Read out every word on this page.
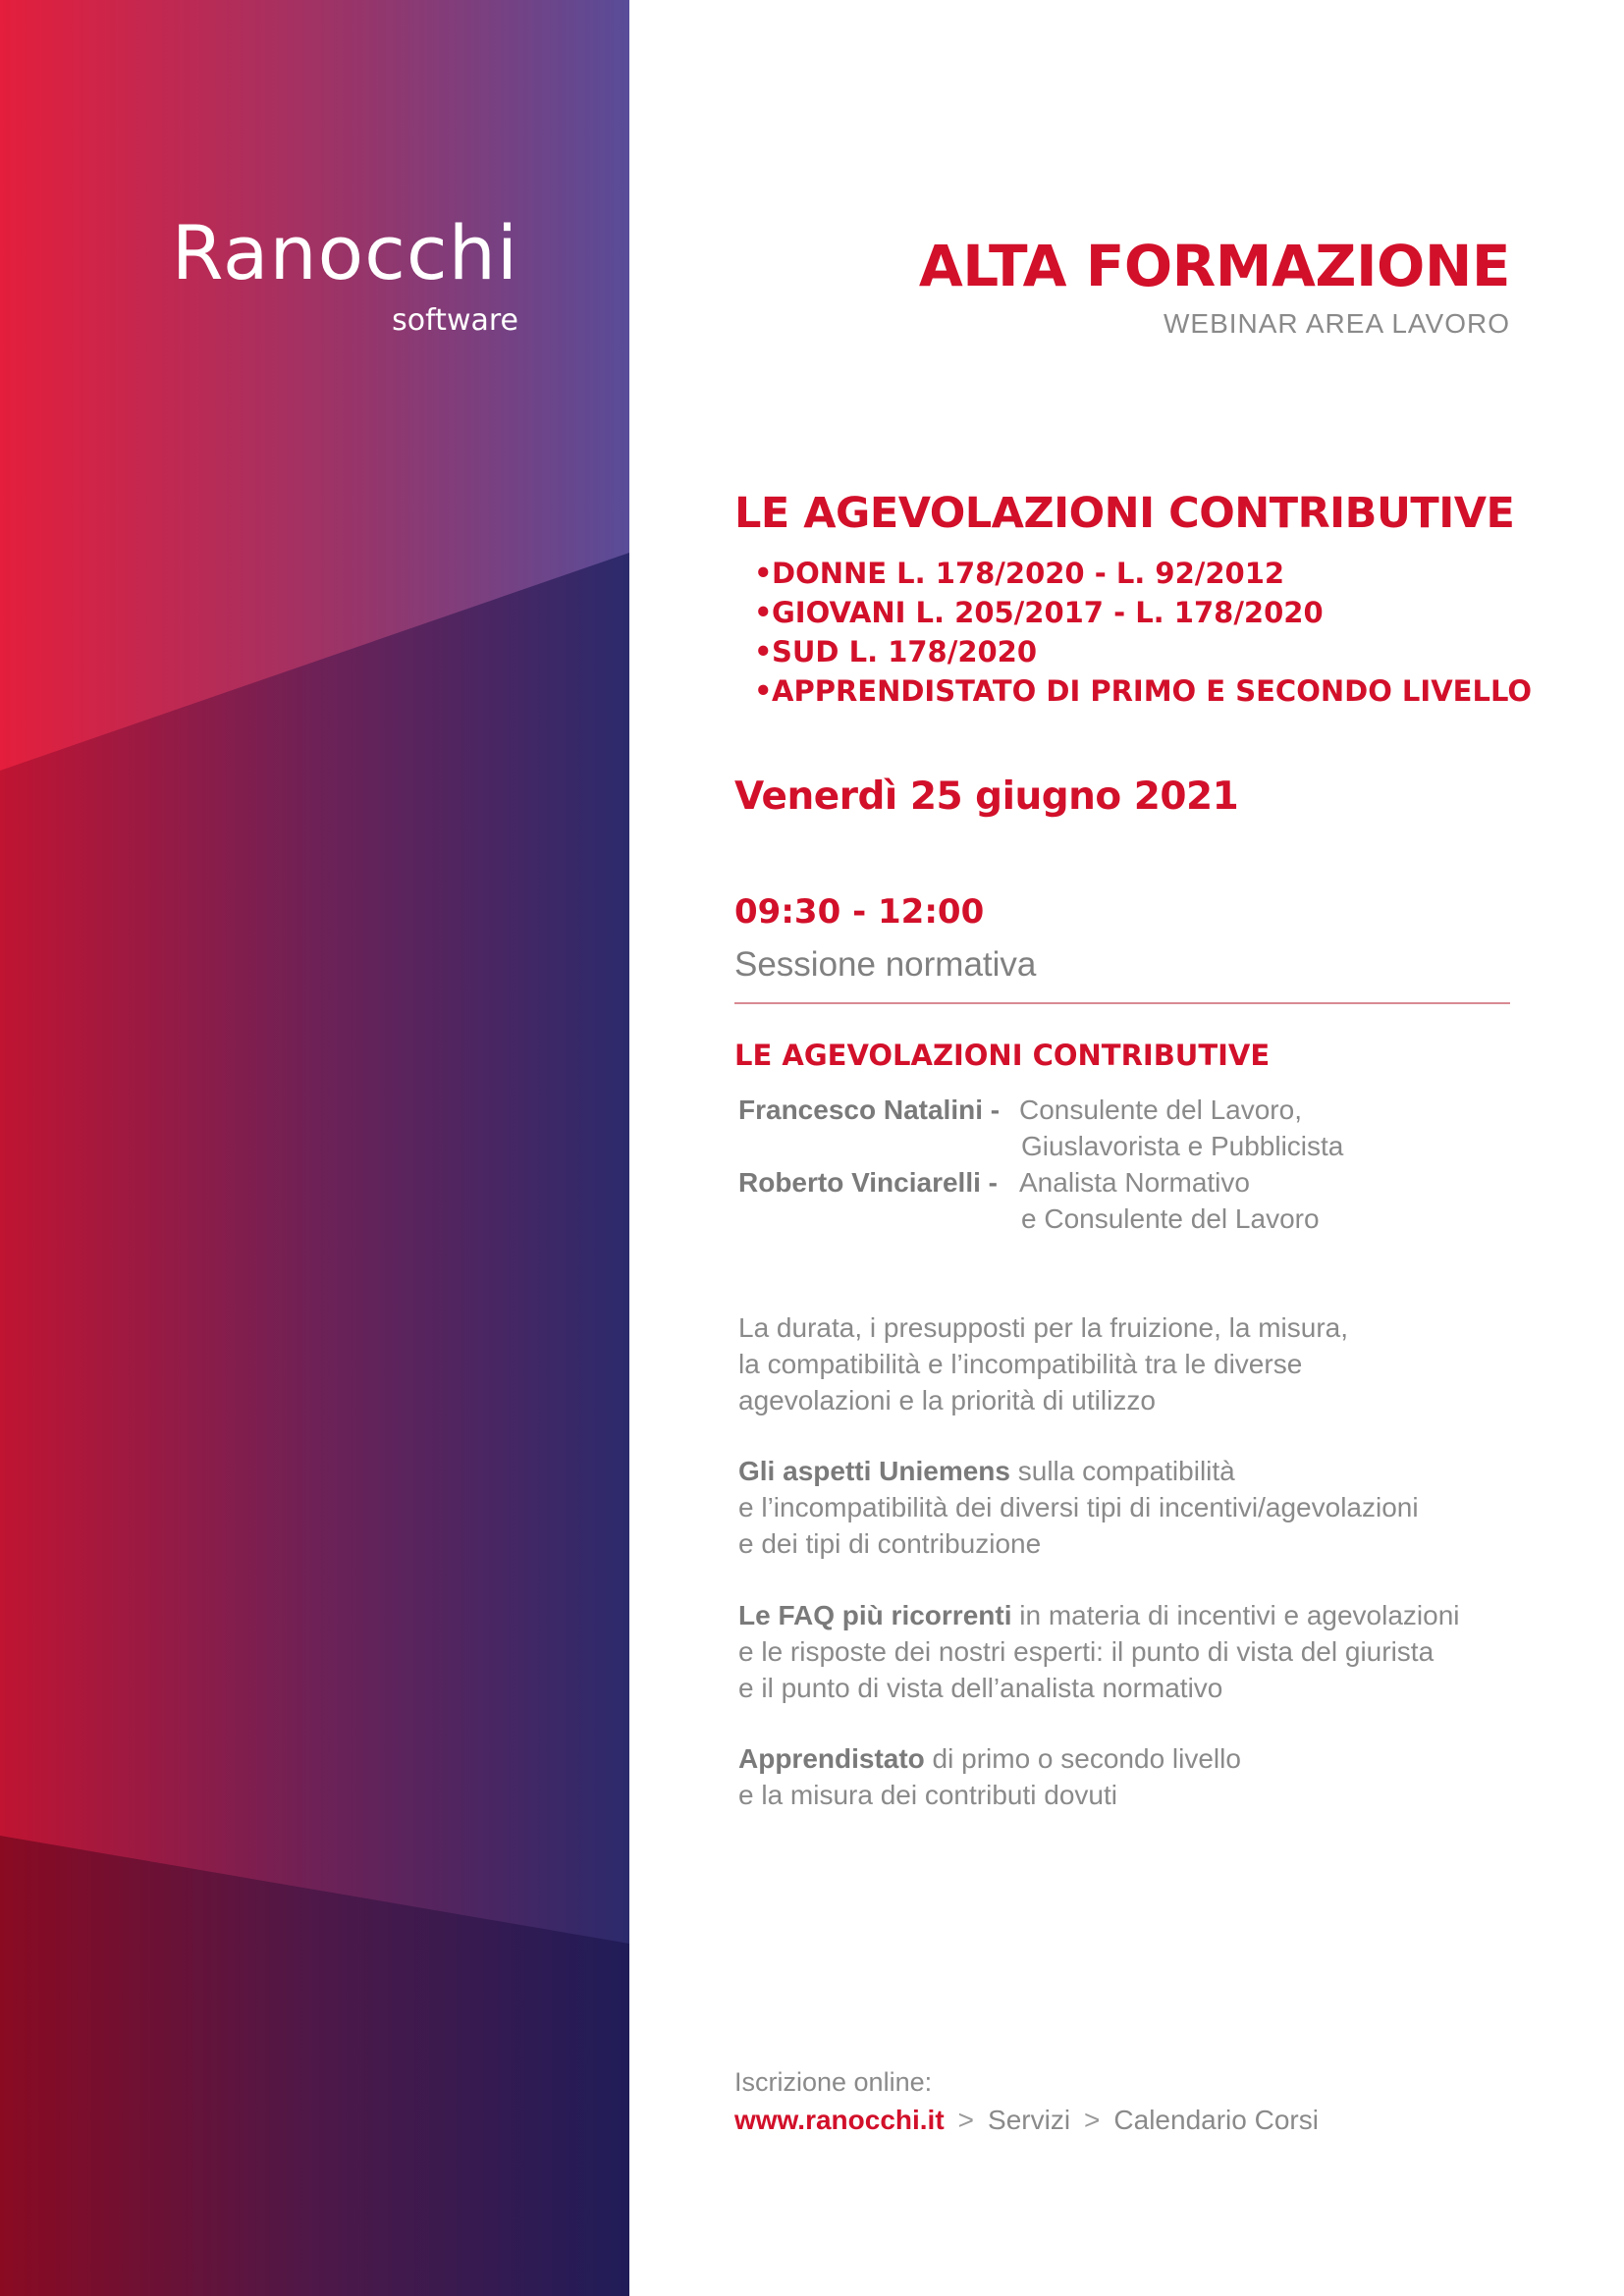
Ranocchi
software
ALTA FORMAZIONE
WEBINAR AREA LAVORO
LE AGEVOLAZIONI CONTRIBUTIVE
•DONNE L. 178/2020 - L. 92/2012
•GIOVANI L. 205/2017 - L. 178/2020
•SUD L. 178/2020
•APPRENDISTATO DI PRIMO E SECONDO LIVELLO
Venerdì 25 giugno 2021
09:30 - 12:00
Sessione normativa
LE AGEVOLAZIONI CONTRIBUTIVE
Francesco Natalini - Consulente del Lavoro,
Giuslavorista e Pubblicista
Roberto Vinciarelli - Analista Normativo
e Consulente del Lavoro
La durata, i presupposti per la fruizione, la misura,
la compatibilità e l’incompatibilità tra le diverse
agevolazioni e la priorità di utilizzo
Gli aspetti Uniemens sulla compatibilità
e l’incompatibilità dei diversi tipi di incentivi/agevolazioni
e dei tipi di contribuzione
Le FAQ più ricorrenti in materia di incentivi e agevolazioni
e le risposte dei nostri esperti: il punto di vista del giurista
e il punto di vista dell’analista normativo
Apprendistato di primo o secondo livello
e la misura dei contributi dovuti
Iscrizione online:
www.ranocchi.it > Servizi > Calendario Corsi
